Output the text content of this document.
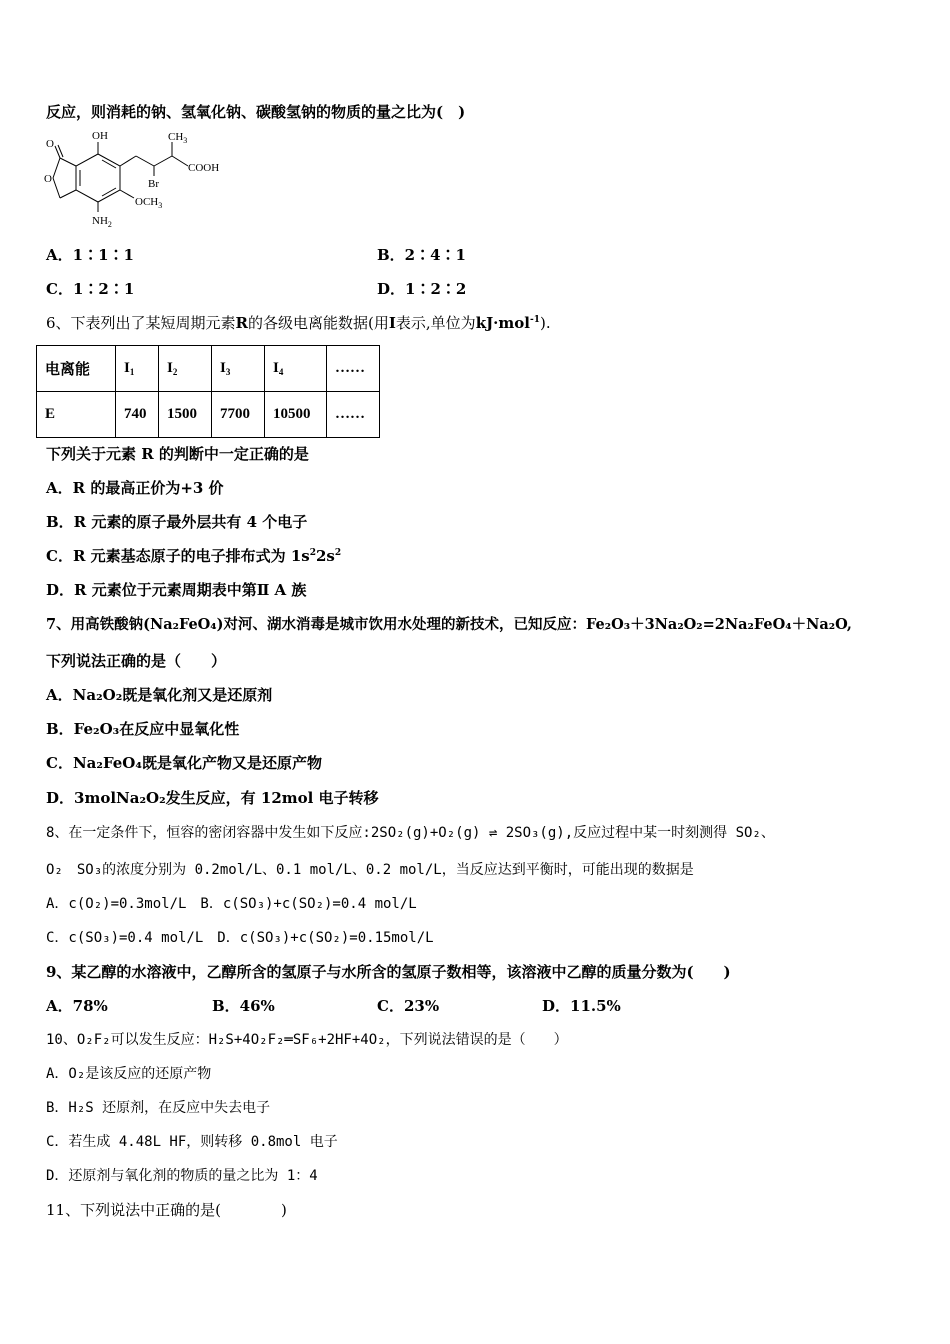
反应，则消耗的钠、氢氧化钠、碳酸氢钠的物质的量之比为(　)
O
O
OH
$NH_2$
$OCH_3$
$CH_3$
Br
COOH
A．1∶1∶1	B．2∶4∶1
C．1∶2∶1	D．1∶2∶2
6、下表列出了某短周期元素R的各级电离能数据(用I表示,单位为kJ·mol$^{-1}$).
电离能	$I_1$	$I_2$	$I_3$	$I_4$	……
E	740	1500	7700	10500	……
下列关于元素 R 的判断中一定正确的是
A．R 的最高正价为+3 价
B．R 元素的原子最外层共有 4 个电子
C．R 元素基态原子的电子排布式为 $1s^22s^2$
D．R 元素位于元素周期表中第Ⅱ A 族
7、用高铁酸钠(Na₂FeO₄)对河、湖水消毒是城市饮用水处理的新技术，已知反应：Fe₂O₃＋3Na₂O₂=2Na₂FeO₄＋Na₂O,
下列说法正确的是（　　）
A．Na₂O₂既是氧化剂又是还原剂
B．Fe₂O₃在反应中显氧化性
C．Na₂FeO₄既是氧化产物又是还原产物
D．3molNa₂O₂发生反应，有 12mol 电子转移
8、在一定条件下，恒容的密闭容器中发生如下反应:2SO₂(g)+O₂(g) ⇌ 2SO₃(g),反应过程中某一时刻测得 SO₂、
O₂　SO₃的浓度分别为 0.2mol/L、0.1 mol/L、0.2 mol/L，当反应达到平衡时，可能出现的数据是
A．c(O₂)=0.3mol/L　B．c(SO₃)+c(SO₂)=0.4 mol/L
C．c(SO₃)=0.4 mol/L　D．c(SO₃)+c(SO₂)=0.15mol/L
9、某乙醇的水溶液中，乙醇所含的氢原子与水所含的氢原子数相等，该溶液中乙醇的质量分数为(　　)
A．78%	B．46%	C．23%	D．11.5%
10、O₂F₂可以发生反应：H₂S+4O₂F₂═SF₆+2HF+4O₂，下列说法错误的是（　　）
A．O₂是该反应的还原产物
B．H₂S 还原剂，在反应中失去电子
C．若生成 4.48L HF，则转移 0.8mol 电子
D．还原剂与氧化剂的物质的量之比为 1：4
11、下列说法中正确的是(　　　　)
